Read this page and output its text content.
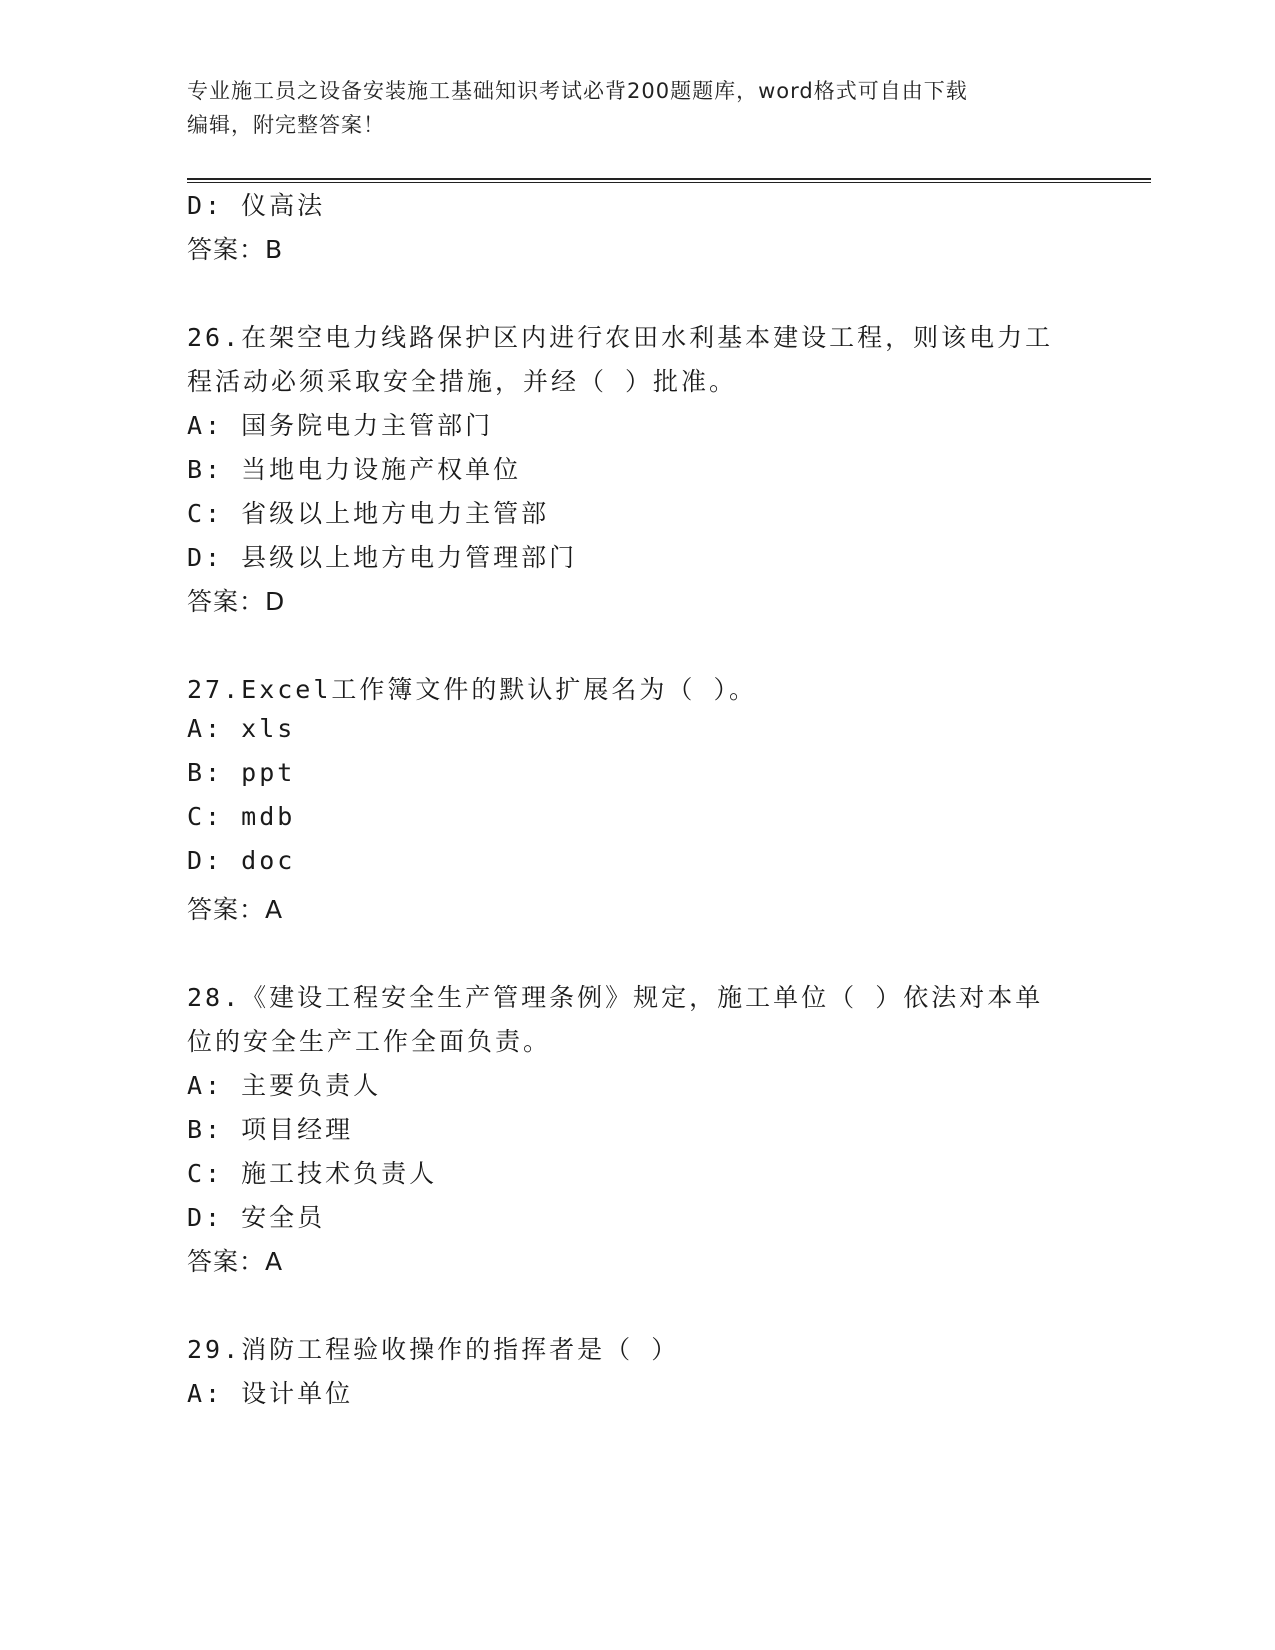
专业施工员之设备安装施工基础知识考试必背200题题库，word格式可自由下载
编辑，附完整答案！
D: 仪高法
答案：B
26.在架空电力线路保护区内进行农田水利基本建设工程，则该电力工
程活动必须采取安全措施，并经（ ）批准。
A: 国务院电力主管部门
B: 当地电力设施产权单位
C: 省级以上地方电力主管部
D: 县级以上地方电力管理部门
答案：D
27.Excel工作簿文件的默认扩展名为（ ）。
A: xls
B: ppt
C: mdb
D: doc
答案：A
28.《建设工程安全生产管理条例》规定，施工单位（ ）依法对本单
位的安全生产工作全面负责。
A: 主要负责人
B: 项目经理
C: 施工技术负责人
D: 安全员
答案：A
29.消防工程验收操作的指挥者是（ ）
A: 设计单位
